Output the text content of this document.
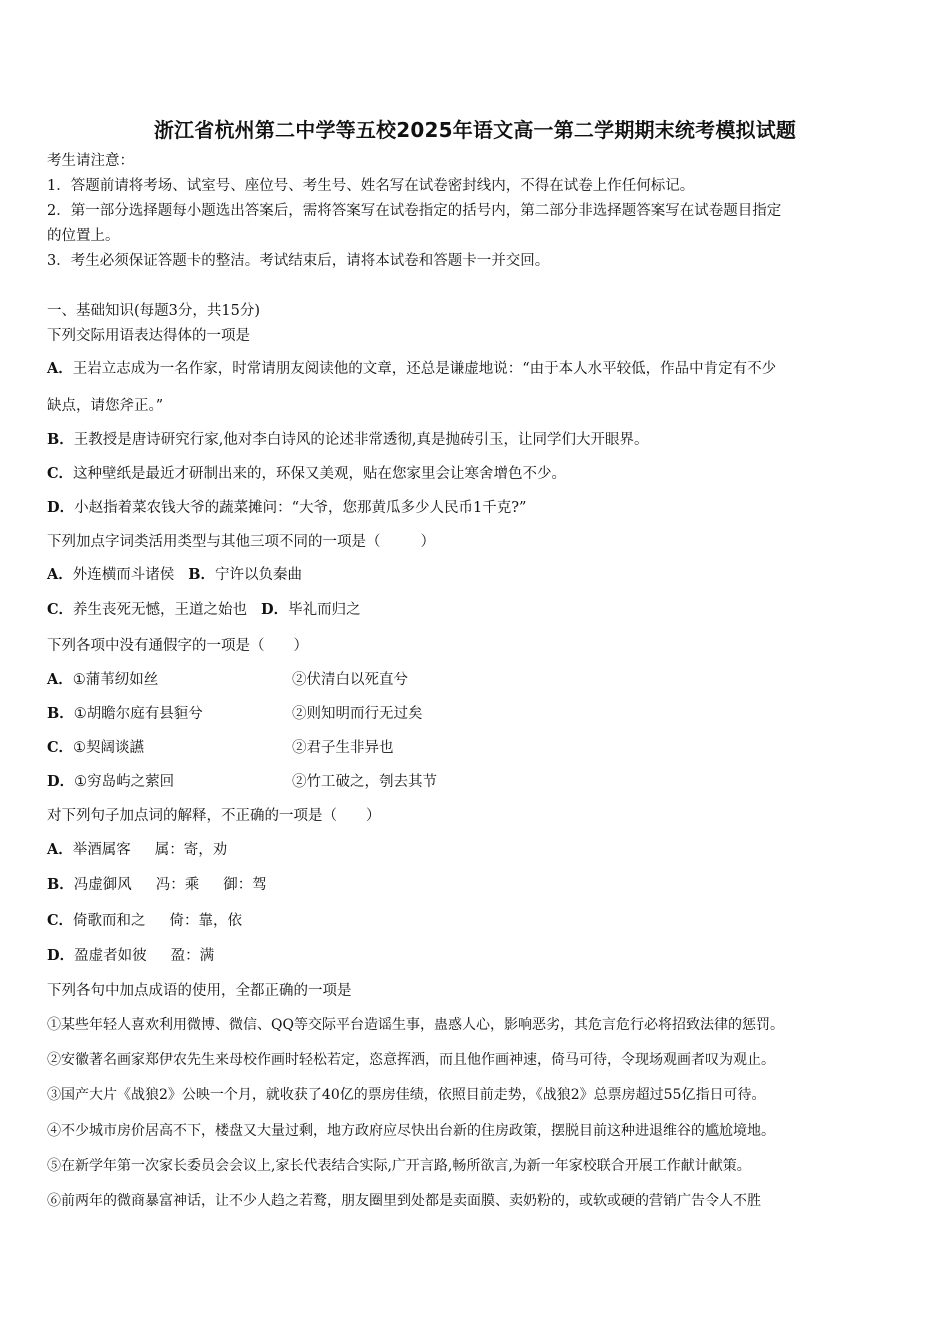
浙江省杭州第二中学等五校2025年语文高一第二学期期末统考模拟试题
考生请注意：
1．答题前请将考场、试室号、座位号、考生号、姓名写在试卷密封线内，不得在试卷上作任何标记。
2．第一部分选择题每小题选出答案后，需将答案写在试卷指定的括号内，第二部分非选择题答案写在试卷题目指定
的位置上。
3．考生必须保证答题卡的整洁。考试结束后，请将本试卷和答题卡一并交回。
一、基础知识(每题3分，共15分)
下列交际用语表达得体的一项是
A．王岩立志成为一名作家，时常请朋友阅读他的文章，还总是谦虚地说：“由于本人水平较低，作品中肯定有不少
缺点，请您斧正。”
B．王教授是唐诗研究行家,他对李白诗风的论述非常透彻,真是抛砖引玉，让同学们大开眼界。
C．这种壁纸是最近才研制出来的，环保又美观，贴在您家里会让寒舍增色不少。
D．小赵指着菜农钱大爷的蔬菜摊问：“大爷，您那黄瓜多少人民币1千克?”
下列加点字词类活用类型与其他三项不同的一项是（	）
A．外连横而斗诸侯 B．宁许以负秦曲
C．养生丧死无憾，王道之始也 D．毕礼而归之
下列各项中没有通假字的一项是（　　）
A．①蒲苇纫如丝	②伏清白以死直兮
B．①胡瞻尔庭有县貆兮	②则知明而行无过矣
C．①契阔谈讌	②君子生非异也
D．①穷岛屿之萦回	②竹工破之，刳去其节
对下列句子加点词的解释，不正确的一项是（　　）
A．举酒属客 属：寄，劝
B．冯虚御风 冯：乘 御：驾
C．倚歌而和之 倚：靠，依
D．盈虚者如彼 盈：满
下列各句中加点成语的使用，全都正确的一项是
①某些年轻人喜欢利用微博、微信、QQ等交际平台造谣生事，蛊惑人心，影响恶劣，其危言危行必将招致法律的惩罚。
②安徽著名画家郑伊农先生来母校作画时轻松若定，恣意挥洒，而且他作画神速，倚马可待，令现场观画者叹为观止。
③国产大片《战狼2》公映一个月，就收获了40亿的票房佳绩，依照目前走势，《战狼2》总票房超过55亿指日可待。
④不少城市房价居高不下，楼盘又大量过剩，地方政府应尽快出台新的住房政策，摆脱目前这种进退维谷的尴尬境地。
⑤在新学年第一次家长委员会会议上,家长代表结合实际,广开言路,畅所欲言,为新一年家校联合开展工作献计献策。
⑥前两年的微商暴富神话，让不少人趋之若鹜，朋友圈里到处都是卖面膜、卖奶粉的，或软或硬的营销广告令人不胜
